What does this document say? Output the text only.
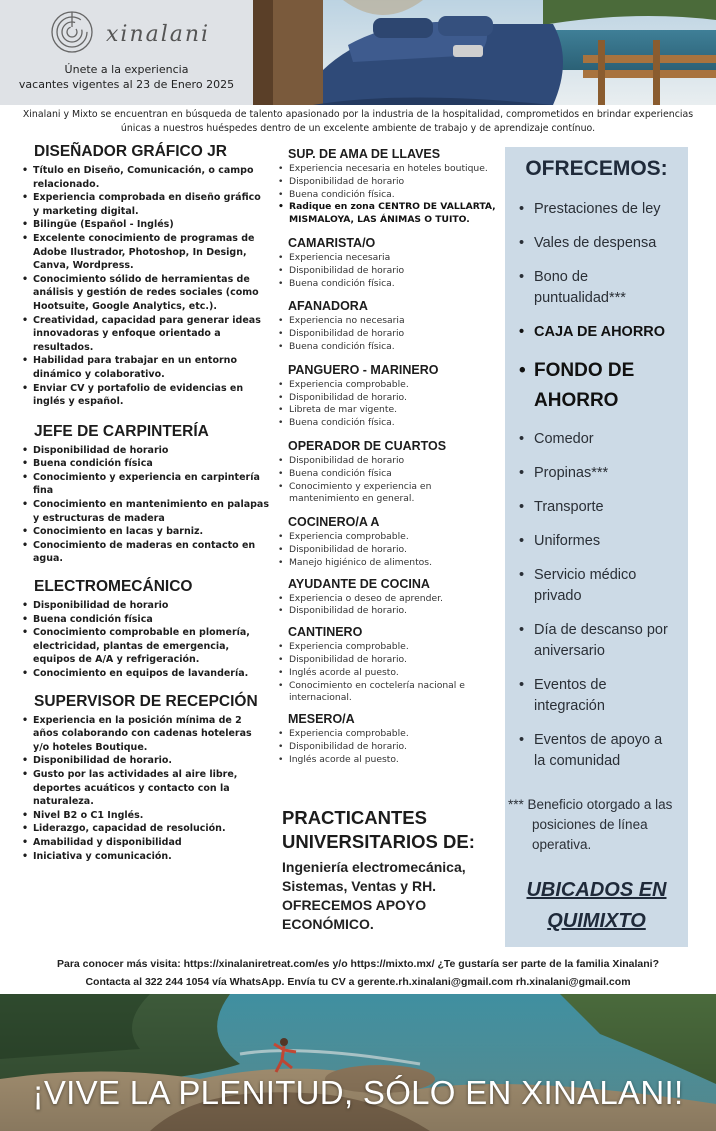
xinalani
Únete a la experiencia
vacantes vigentes al 23 de Enero 2025
Xinalani y Mixto se encuentran en búsqueda de talento apasionado por la industria de la hospitalidad, comprometidos en brindar experiencias únicas a nuestros huéspedes dentro de un excelente ambiente de trabajo y de aprendizaje contínuo.
DISEÑADOR GRÁFICO JR
• Título en Diseño, Comunicación, o campo relacionado.
• Experiencia comprobada en diseño gráfico y marketing digital.
• Bilingüe (Español - Inglés)
• Excelente conocimiento de programas de Adobe Ilustrador, Photoshop, In Design, Canva, Wordpress.
• Conocimiento sólido de herramientas de análisis y gestión de redes sociales (como Hootsuite, Google Analytics, etc.).
• Creatividad, capacidad para generar ideas innovadoras y enfoque orientado a resultados.
• Habilidad para trabajar en un entorno dinámico y colaborativo.
• Enviar CV y portafolio de evidencias en inglés y español.
JEFE DE CARPINTERÍA
• Disponibilidad de horario
• Buena condición física
• Conocimiento y experiencia en carpintería fina
• Conocimiento en mantenimiento en palapas y estructuras de madera
• Conocimiento en lacas y barniz.
• Conocimiento de maderas en contacto en agua.
ELECTROMECÁNICO
• Disponibilidad de horario
• Buena condición física
• Conocimiento comprobable en plomería, electricidad, plantas de emergencia, equipos de A/A y refrigeración.
• Conocimiento en equipos de lavandería.
SUPERVISOR DE RECEPCIÓN
• Experiencia en la posición mínima de 2 años colaborando con cadenas hoteleras y/o hoteles Boutique.
• Disponibilidad de horario.
• Gusto por las actividades al aire libre, deportes acuáticos y contacto con la naturaleza.
• Nivel B2 o C1 Inglés.
• Liderazgo, capacidad de resolución.
• Amabilidad y disponibilidad
• Iniciativa y comunicación.
SUP. DE AMA DE LLAVES
• Experiencia necesaria en hoteles boutique.
• Disponibilidad de horario
• Buena condición física.
• Radique en zona CENTRO DE VALLARTA, MISMALOYA, LAS ÁNIMAS O TUITO.
CAMARISTA/O
• Experiencia necesaria
• Disponibilidad de horario
• Buena condición física.
AFANADORA
• Experiencia no necesaria
• Disponibilidad de horario
• Buena condición física.
PANGUERO - MARINERO
• Experiencia comprobable.
• Disponibilidad de horario.
• Libreta de mar vigente.
• Buena condición física.
OPERADOR DE CUARTOS
• Disponibilidad de horario
• Buena condición física
• Conocimiento y experiencia en mantenimiento en general.
COCINERO/A A
• Experiencia comprobable.
• Disponibilidad de horario.
• Manejo higiénico de alimentos.
AYUDANTE DE COCINA
• Experiencia o deseo de aprender.
• Disponibilidad de horario.
CANTINERO
• Experiencia comprobable.
• Disponibilidad de horario.
• Inglés acorde al puesto.
• Conocimiento en coctelería nacional e internacional.
MESERO/A
• Experiencia comprobable.
• Disponibilidad de horario.
• Inglés acorde al puesto.
PRACTICANTES UNIVERSITARIOS DE:
Ingeniería electromecánica, Sistemas, Ventas y RH. OFRECEMOS APOYO ECONÓMICO.
OFRECEMOS:
• Prestaciones de ley
• Vales de despensa
• Bono de puntualidad***
• CAJA DE AHORRO
• FONDO DE AHORRO
• Comedor
• Propinas***
• Transporte
• Uniformes
• Servicio médico privado
• Día de descanso por aniversario
• Eventos de integración
• Eventos de apoyo a la comunidad
*** Beneficio otorgado a las posiciones de línea operativa.
UBICADOS EN QUIMIXTO
Para conocer más visita: https://xinalaniretreat.com/es y/o https://mixto.mx/ ¿Te gustaría ser parte de la familia Xinalani?
Contacta al 322 244 1054 vía WhatsApp. Envía tu CV a gerente.rh.xinalani@gmail.com rh.xinalani@gmail.com
¡VIVE LA PLENITUD, SÓLO EN XINALANI!
